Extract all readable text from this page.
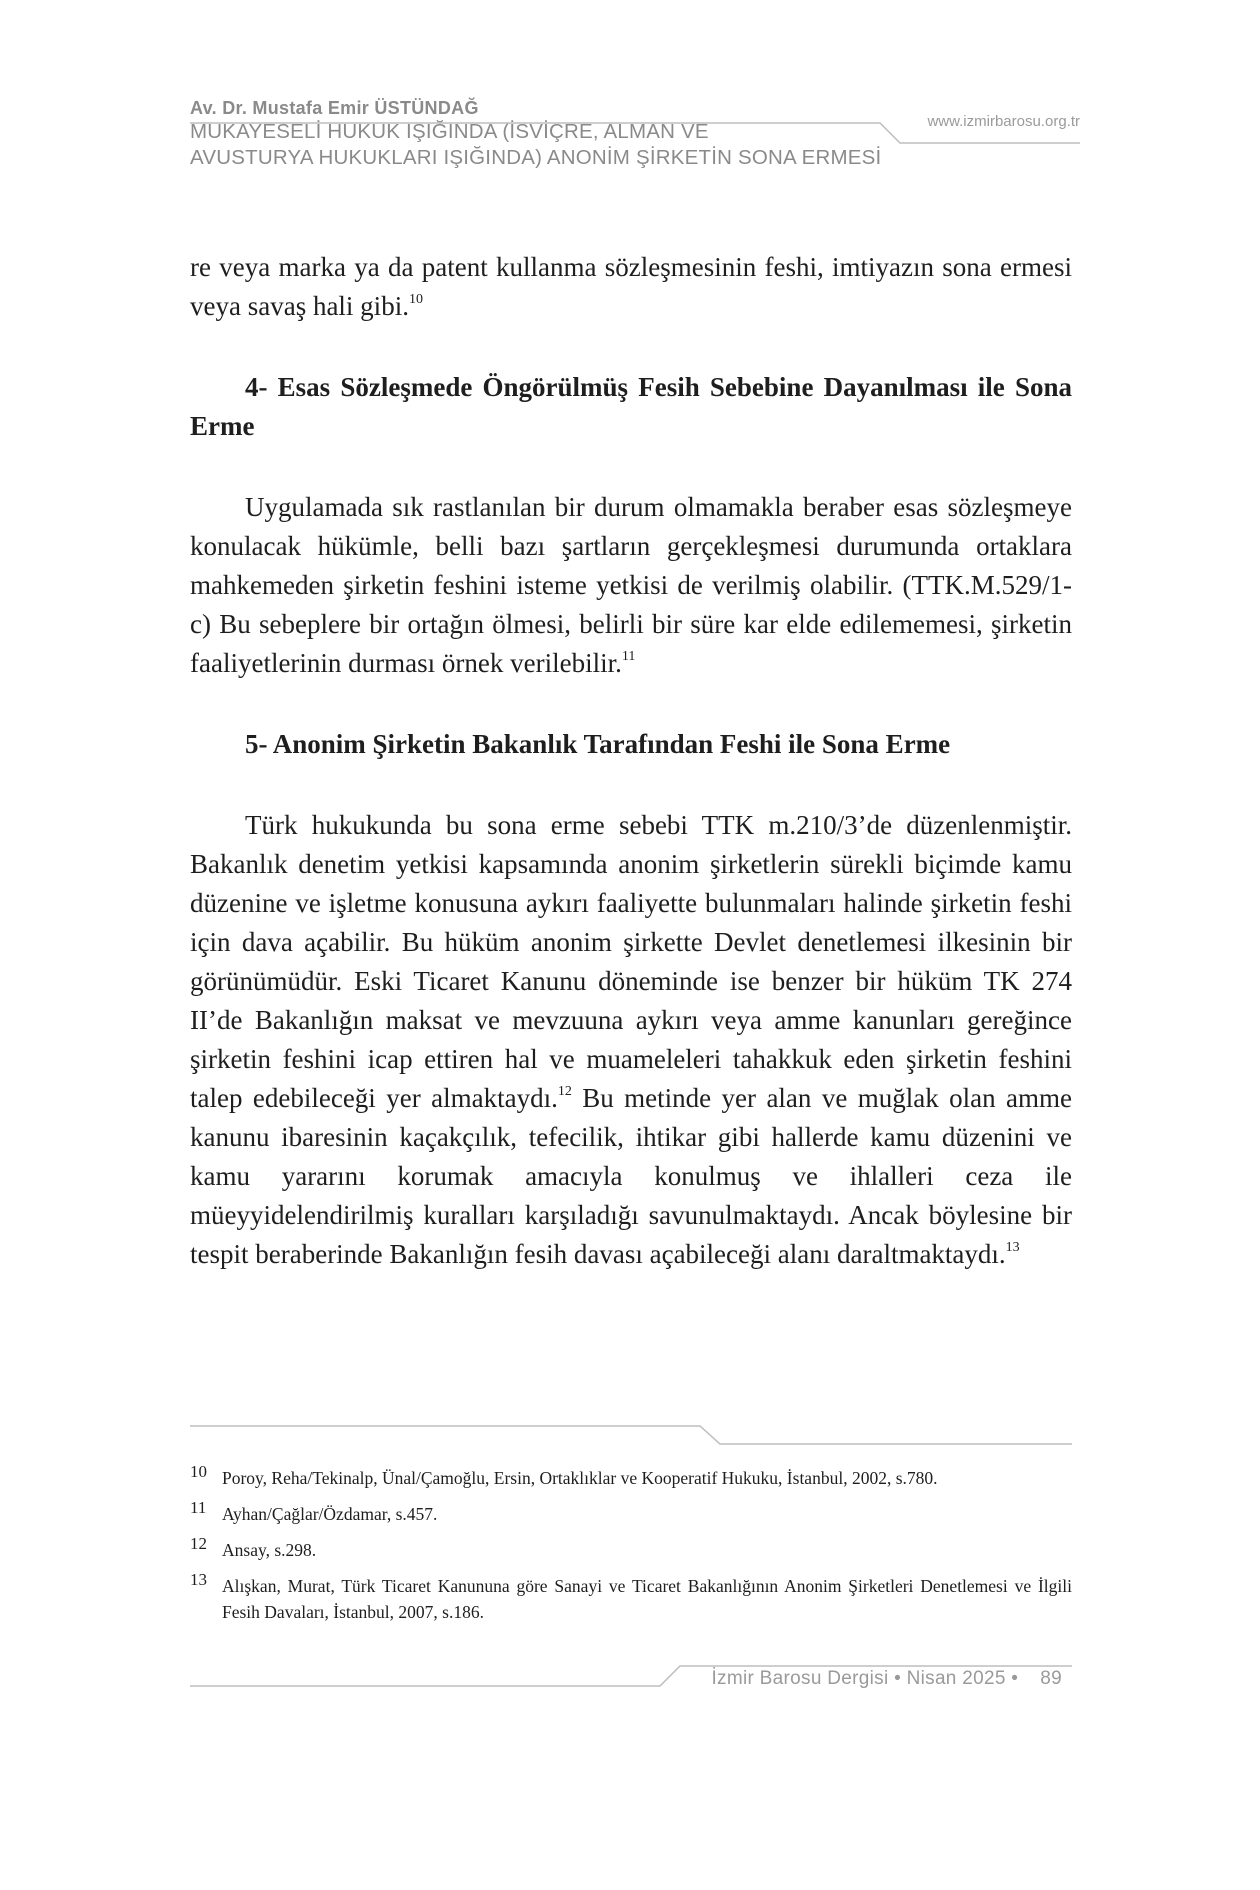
Av. Dr. Mustafa Emir ÜSTÜNDAĞ
MUKAYESELİ HUKUK IŞIĞINDA (İSVİÇRE, ALMAN VE
AVUSTURYA HUKUKLARI IŞIĞINDA) ANONİM ŞİRKETİN SONA ERMESİ
www.izmirbarosu.org.tr

re veya marka ya da patent kullanma sözleşmesinin feshi, imtiyazın sona ermesi veya savaş hali gibi.$^{10}$

4- Esas Sözleşmede Öngörülmüş Fesih Sebebine Dayanılması ile Sona Erme

Uygulamada sık rastlanılan bir durum olmamakla beraber esas sözleşmeye konulacak hükümle, belli bazı şartların gerçekleşmesi durumunda ortaklara mahkemeden şirketin feshini isteme yetkisi de verilmiş olabilir. (TTK.M.529/1-c) Bu sebeplere bir ortağın ölmesi, belirli bir süre kar elde edilememesi, şirketin faaliyetlerinin durması örnek verilebilir.$^{11}$

5- Anonim Şirketin Bakanlık Tarafından Feshi ile Sona Erme

Türk hukukunda bu sona erme sebebi TTK m.210/3’de düzenlenmiştir. Bakanlık denetim yetkisi kapsamında anonim şirketlerin sürekli biçimde kamu düzenine ve işletme konusuna aykırı faaliyette bulunmaları halinde şirketin feshi için dava açabilir. Bu hüküm anonim şirkette Devlet denetlemesi ilkesinin bir görünümüdür. Eski Ticaret Kanunu döneminde ise benzer bir hüküm TK 274 II’de Bakanlığın maksat ve mevzuuna aykırı veya amme kanunları gereğince şirketin feshini icap ettiren hal ve muameleleri tahakkuk eden şirketin feshini talep edebileceği yer almaktaydı.$^{12}$ Bu metinde yer alan ve muğlak olan amme kanunu ibaresinin kaçakçılık, tefecilik, ihtikar gibi hallerde kamu düzenini ve kamu yararını korumak amacıyla konulmuş ve ihlalleri ceza ile müeyyidelendirilmiş kuralları karşıladığı savunulmaktaydı. Ancak böylesine bir tespit beraberinde Bakanlığın fesih davası açabileceği alanı daraltmaktaydı.$^{13}$

10 Poroy, Reha/Tekinalp, Ünal/Çamoğlu, Ersin, Ortaklıklar ve Kooperatif Hukuku, İstanbul, 2002, s.780.
11 Ayhan/Çağlar/Özdamar, s.457.
12 Ansay, s.298.
13 Alışkan, Murat, Türk Ticaret Kanununa göre Sanayi ve Ticaret Bakanlığının Anonim Şirketleri Denetlemesi ve İlgili Fesih Davaları, İstanbul, 2007, s.186.
İzmir Barosu Dergisi • Nisan 2025 • 89
